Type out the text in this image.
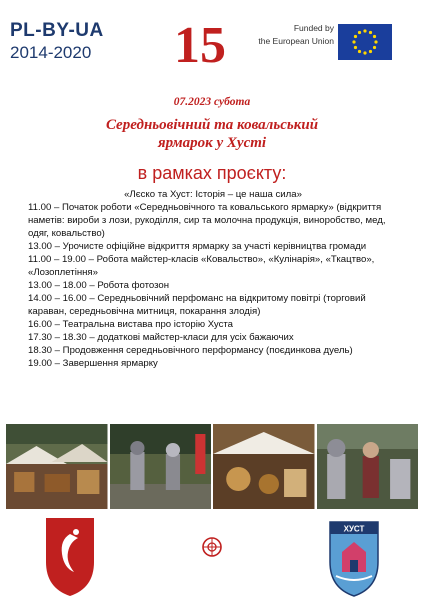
PL-BY-UA
2014-2020	15	Funded by
the European Union
07.2023 субота
Середньовічний та ковальський
ярмарок у Хусті
в рамках проєкту:
«Лєско та Хуст: Історія – це наша сила»
11.00 – Початок роботи «Середньовічного та ковальського ярмарку» (відкриття наметів: вироби з лози, рукоділля, сир та молочна продукція, виноробство, мед, одяг, ковальство)
13.00 – Урочисте офіційне відкриття ярмарку за участі керівництва громади
11.00 – 19.00 – Робота майстер-класів «Ковальство», «Кулінарія», «Ткацтво», «Лозоплетіння»
13.00 – 18.00 – Робота фотозон
14.00 – 16.00 – Середньовічний перфоманс на відкритому повітрі (торговий караван, середньовічна митниця, покарання злодія)
16.00 – Театральна вистава про історію Хуста
17.30 – 18.30 – додаткові майстер-класи для усіх бажаючих
18.30 – Продовження середньовічного перформансу (поєдинкова дуель)
19.00 – Завершення ярмарку
ХУСТ
